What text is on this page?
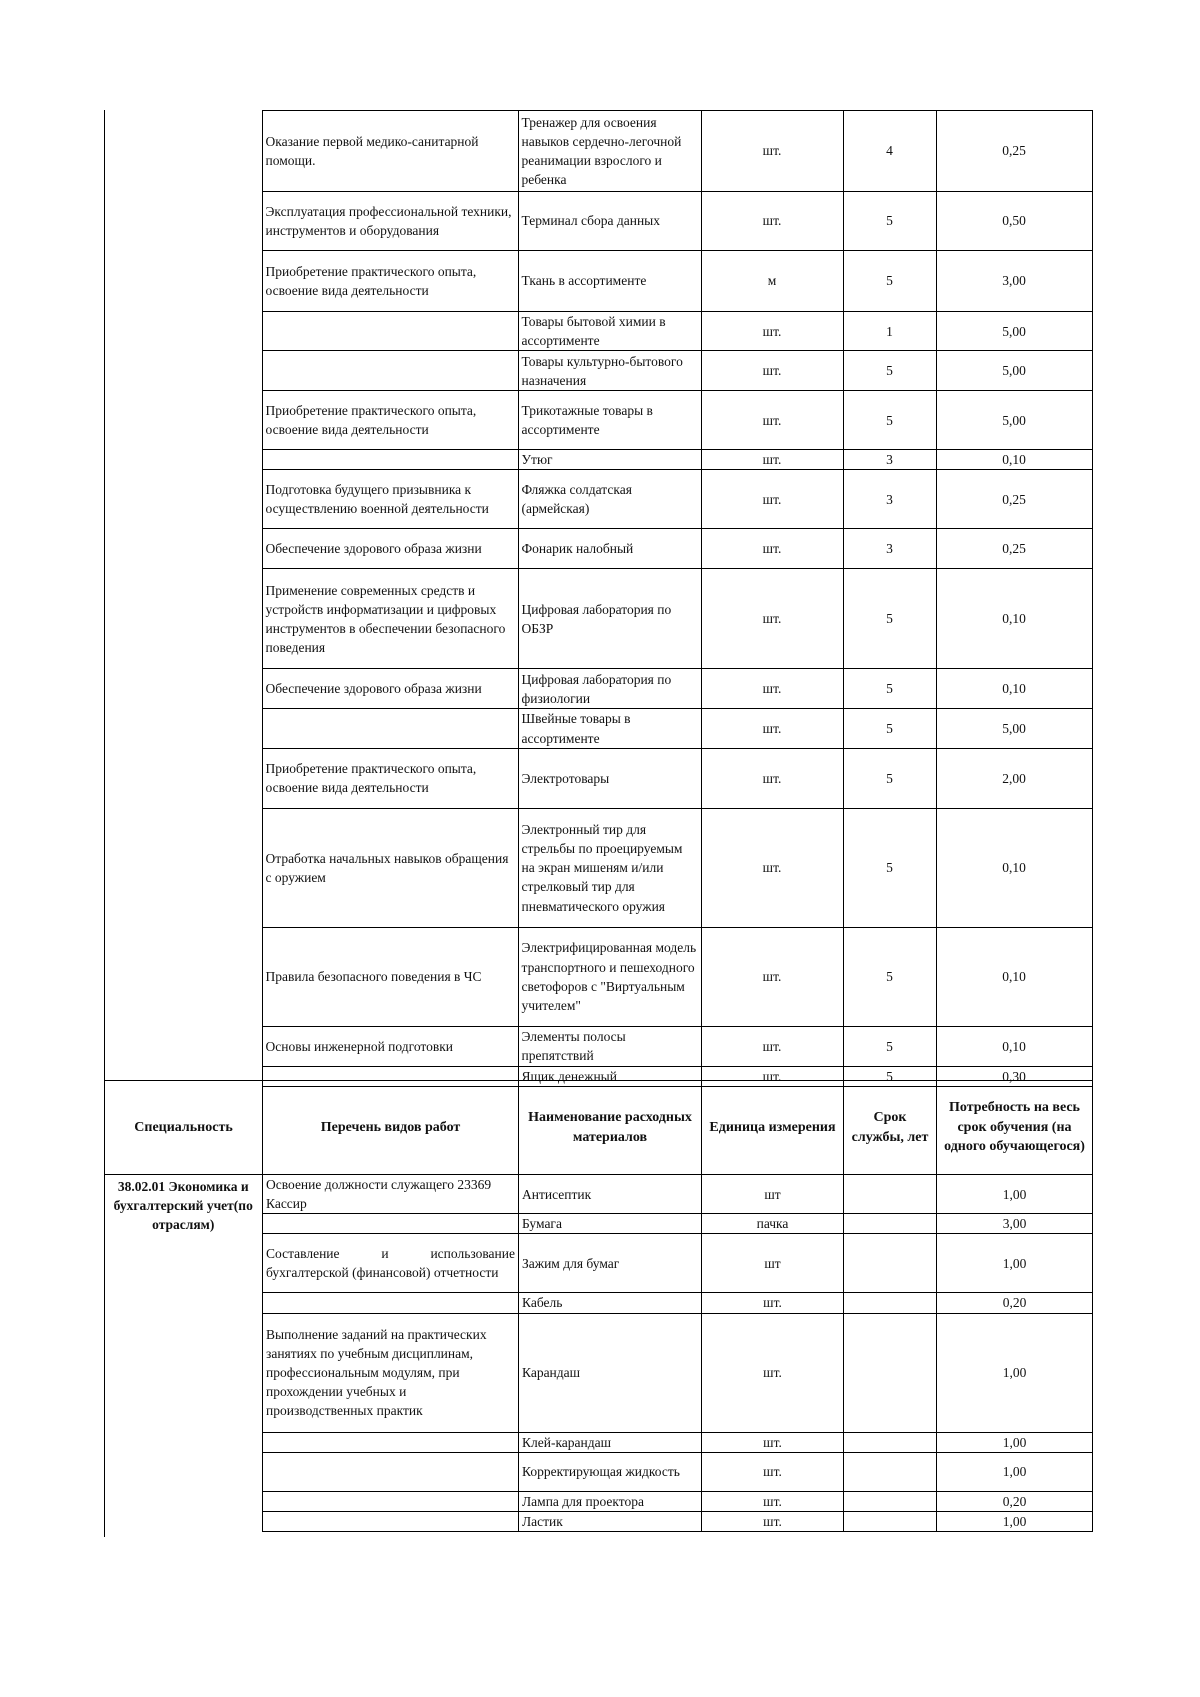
	Оказание первой медико-санитарной помощи.	Тренажер для освоения навыков сердечно-легочной реанимации взрослого и ребенка	шт.	4	0,25
	Эксплуатация профессиональной техники, инструментов и оборудования	Терминал сбора данных	шт.	5	0,50
	Приобретение практического опыта, освоение вида деятельности	Ткань в ассортименте	м	5	3,00
		Товары бытовой химии в ассортименте	шт.	1	5,00
		Товары культурно-бытового назначения	шт.	5	5,00
	Приобретение практического опыта, освоение вида деятельности	Трикотажные товары в ассортименте	шт.	5	5,00
		Утюг	шт.	3	0,10
	Подготовка будущего призывника к осуществлению военной деятельности	Фляжка солдатская (армейская)	шт.	3	0,25
	Обеспечение здорового образа жизни	Фонарик налобный	шт.	3	0,25
	Применение современных средств и устройств информатизации и цифровых инструментов в обеспечении безопасного поведения	Цифровая лаборатория по ОБЗР	шт.	5	0,10
	Обеспечение здорового образа жизни	Цифровая лаборатория по физиологии	шт.	5	0,10
		Швейные товары в ассортименте	шт.	5	5,00
	Приобретение практического опыта, освоение вида деятельности	Электротовары	шт.	5	2,00
	Отработка начальных навыков обращения с оружием	Электронный тир для стрельбы по проецируемым на экран мишеням и/или стрелковый тир для пневматического оружия	шт.	5	0,10
	Правила безопасного поведения в ЧС	Электрифицированная модель транспортного и пешеходного светофоров с "Виртуальным учителем"	шт.	5	0,10
	Основы инженерной подготовки	Элементы полосы препятствий	шт.	5	0,10
		Ящик денежный	шт.	5	0,30
Специальность	Перечень видов работ	Наименование расходных материалов	Единица измерения	Срок службы, лет	Потребность на весь срок обучения (на одного обучающегося)
38.02.01 Экономика и бухгалтерский учет(по отраслям)	Освоение должности служащего 23369 Кассир	Антисептик	шт		1,00
		Бумага	пачка		3,00
	Составление и использование бухгалтерской (финансовой) отчетности	Зажим для бумаг	шт		1,00
		Кабель	шт.		0,20
	Выполнение заданий на практических занятиях по учебным дисциплинам, профессиональным модулям, при прохождении учебных и производственных практик	Карандаш	шт.		1,00
		Клей-карандаш	шт.		1,00
		Корректирующая жидкость	шт.		1,00
		Лампа для проектора	шт.		0,20
		Ластик	шт.		1,00
